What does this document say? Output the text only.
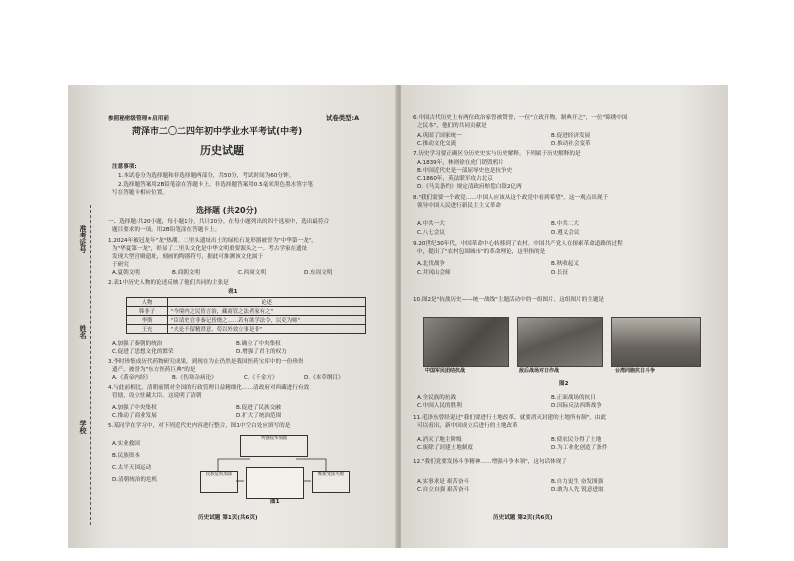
准考证号
姓名
学校
参照秘密级管理★启用前	试卷类型:A
菏泽市二〇二四年初中学业水平考试(中考)
历史试题
注意事项:
1.本试卷分为选择题和非选择题两部分，共50分，考试时间为60分钟。
2.选择题答案用2B铅笔涂在答题卡上，非选择题答案用0.5毫米黑色墨水签字笔
写在答题卡相应位置。
选择题 (共20分)
一、选择题:共20小题，每小题1分，共计20分。在每小题列出的四个选项中，选出最符合
题目要求的一项。用2B铅笔涂在答题卡上。
1.2024年被冠龙年"龙"热潮。二里头遗址出土的绿松石龙形器被誉为"中华第一龙"。
为"华夏第一龙"，彰显了二里头文化是中华文明重要源头之一。考古学家在遗址
发现大型宫殿遗址，刻画的陶器符号，据此可推测该文化属于
于研究
A.夏朝文明	B.商朝文明	C.西周文明	D.东周文明
2.表1中历史人物的论述反映了他们共同的主张是
表1
人物	论述
韩非子	"今境内之民皆言治，藏商管之法者家有之"
李斯	"臣请史官非秦记皆烧之……若有欲学法令，以吏为师"
王充	"夫论不留精澄意，苟以外效立事是非"
A.加强了秦朝的统治	B.确立了中央集权
C.促进了思想文化的繁荣	D.增强了君主的权力
3.李时珍集成历代药物研究成果，到现在为止仍然是我国医药宝库中的一份珍贵
遗产。被誉为"东方医药巨典"的是
A.《黄帝内经》	B.《伤寒杂病论》	C.《千金方》	D.《本草纲目》
4.与此前相比，清朝前期对全国的行政管理日益精细化……清政府对西藏进行有效
管辖，设立驻藏大臣。这说明了清朝
A.加强了中央集权	B.促进了民族交融
C.推动了商业发展	D.扩大了统治范围
5.某同学在学习中，对下列近代史内容进行整合，图1中空白处应填写的是
A.实业救国
B.民族资本
C.太平天国运动
D.清朝统治的危机
列强侵华加剧
民族危机加深	维新变法失败
图1
历史试题 第1页(共6页)
6.中国古代历史上有两位政治家曾被赞誉，一位"立政开物，制典开之"，一位"锦绣中国
之民本"，他们的共同贡献是
A.巩固了国家统一	B.促进经济发展
C.推动文化交流	D.推动社会变革
7.历史学习要正确区分历史史实与历史解释。下列属于历史解释的是
A.1839年，林则徐在虎门销毁鸦片
B.中国近代史是一部屈辱史也是抗争史
C.1860年，英法联军攻占北京
D.《马关条约》规定清政府赔偿白银2亿两
8."我们需要一个政党……中国人应该从这个政党中看到希望"。这一观点出现于
领导中国人民进行新民主主义革命
A.中共一大	B.中共二大
C.八七会议	D.遵义会议
9.20世纪30年代，中国革命中心转移到了农村。中国共产党人在探索革命道路的过程
中，提出了"农村包围城市"的革命理论，这里指的是
A.北伐战争	B.秋收起义
C.井冈山会师	D.长征
10.图2是"抗战历史——统一战线"主题活动中的一组图片，这组图片的主题是
中国军民团结抗战	敌后战场对日作战	台湾同胞抗日斗争
图2
A.全民族的抗战	B.正面战场的抗日
C.中国人民的胜利	D.国际反法西斯战争
11.毛泽东曾经说过"我们要进行土地改革，就要消灭封建的土地所有制"，由此
可以看出，新中国成立后进行的土地改革
A.消灭了地主阶级	B.使农民分得了土地
C.废除了封建土地制度	D.为工业化创造了条件
12."我们党要发扬斗争精神……增强斗争本领"，这句话体现了
A.实事求是 艰苦奋斗	B.自力更生 奋发图强
C.自立自强 艰苦奋斗	D.敢为人先 锐意进取
历史试题 第2页(共6页)
